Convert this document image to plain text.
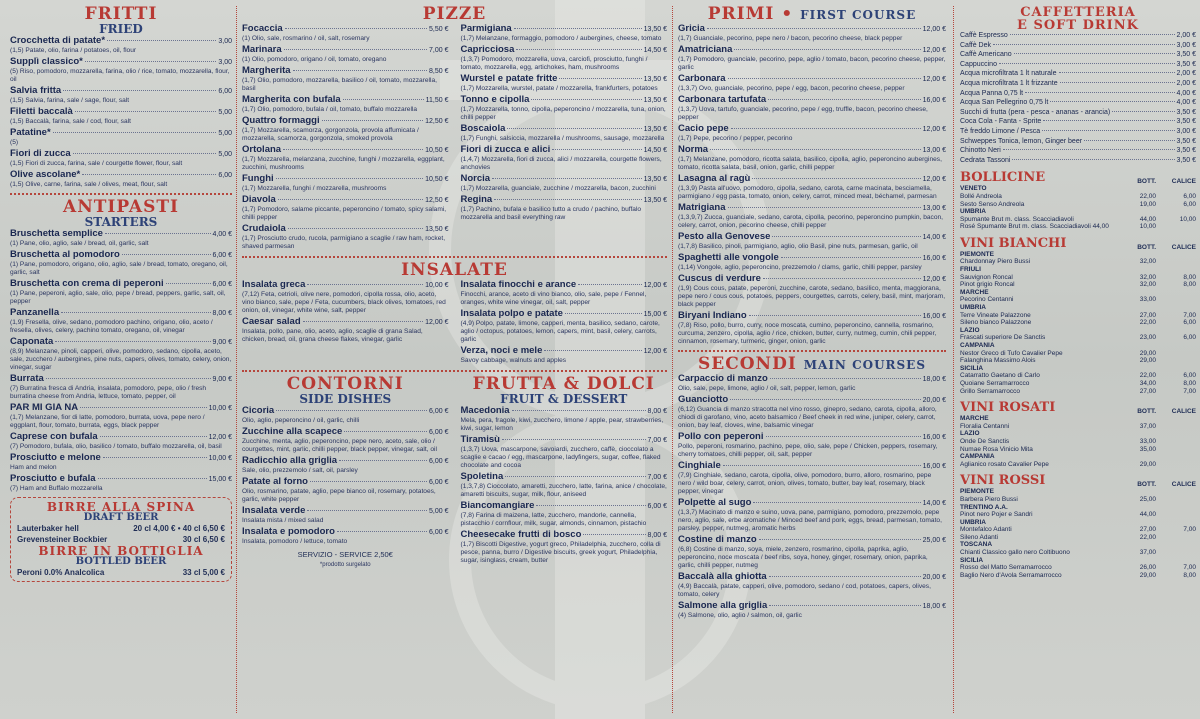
FRITTI
FRIED
Crocchetta di patate*	3,00
(1,5) Patate, olio, farina / potatoes, oil, flour
Supplì classico*	3,00
(5) Riso, pomodoro, mozzarella, farina, olio / rice, tomato, mozzarella, flour, oil
Salvia fritta	6,00
(1,5) Salvia, farina, sale / sage, flour, salt
Filetti baccalà	5,00
(1,5) Baccalà, farina, sale / cod, flour, salt
Patatine*	5,00
(5)
Fiori di zucca	5,00
(1,5) Fiori di zucca, farina, sale / courgette flower, flour, salt
Olive ascolane*	6,00
(1,5) Olive, carne, farina, sale / olives, meat, flour, salt
ANTIPASTI
STARTERS
Bruschetta semplice	4,00 €
(1) Pane, olio, aglio, sale / bread, oil, garlic, salt
Bruschetta al pomodoro	6,00 €
(1) Pane, pomodoro, origano, olio, aglio, sale / bread, tomato, oregano, oil, garlic, salt
Bruschetta con crema di peperoni	6,00 €
(1) Pane, peperoni, aglio, sale, olio, pepe / bread, peppers, garlic, salt, oil, pepper
Panzanella	8,00 €
(1,9) Fresella, olive, sedano, pomodoro pachino, origano, olio, aceto / fresella, olives, celery, pachino tomato, oregano, oil, vinegar
Caponata	9,00 €
(8,9) Melanzane, pinoli, capperi, olive, pomodoro, sedano, cipolla, aceto, sale, zucchero / aubergines, pine nuts, capers, olives, tomato, celery, onion, vinegar, sugar
Burrata	9,00 €
(7) Burratina fresca di Andria, insalata, pomodoro, pepe, olio / fresh burratina cheese from Andria, lettuce, tomato, pepper, oil
PAR MI GIA NA	10,00 €
(1,7) Melanzane, fior di latte, pomodoro, burrata, uova, pepe nero / eggplant, flour, tomato, burrata, eggs, black pepper
Caprese con bufala	12,00 €
(7) Pomodoro, bufala, olio, basilico / tomato, buffalo mozzarella, oil, basil
Prosciutto e melone	10,00 €
Ham and melon
Prosciutto e bufala	15,00 €
(7) Ham and Buffalo mozzarella
BIRRE ALLA SPINA
DRAFT BEER
Lauterbaker hell	20 cl 4,00 € • 40 cl 6,50 €
Grevensteiner Bockbier	30 cl 6,50 €
BIRRE IN BOTTIGLIA
BOTTLED BEER
Peroni 0.0% Analcolica	33 cl 5,00 €
PIZZE
Focaccia	5,50 €
(1) Olio, sale, rosmarino / oil, salt, rosemary
Marinara	7,00 €
(1) Olio, pomodoro, origano / oil, tomato, oregano
Margherita	8,50 €
(1,7) Olio, pomodoro, mozzarella, basilico / oil, tomato, mozzarella, basil
Margherita con bufala	11,50 €
(1,7) Olio, pomodoro, bufala / oil, tomato, buffalo mozzarella
Quattro formaggi	12,50 €
(1,7) Mozzarella, scamorza, gorgonzola, provola affumicata / mozzarella, scamorza, gorgonzola, smoked provola
Ortolana	10,50 €
(1,7) Mozzarella, melanzana, zucchine, funghi / mozzarella, eggplant, zucchini, mushrooms
Funghi	10,50 €
(1,7) Mozzarella, funghi / mozzarella, mushrooms
Diavola	12,50 €
(1,7) Pomodoro, salame piccante, peperoncino / tomato, spicy salami, chilli pepper
Crudaiola	13,50 €
(1,7) Prosciutto crudo, rucola, parmigiano a scaglie / raw ham, rocket, shaved parmesan
Parmigiana	13,50 €
(1,7) Melanzane, formaggio, pomodoro / aubergines, cheese, tomato
Capricciosa	14,50 €
(1,3,7) Pomodoro, mozzarella, uova, carciofi, prosciutto, funghi / tomato, mozzarella, egg, artichokes, ham, mushrooms
Wurstel e patate fritte	13,50 €
(1,7) Mozzarella, wurstel, patate / mozzarella, frankfurters, potatoes
Tonno e cipolla	13,50 €
(1,7) Mozzarella, tonno, cipolla, peperoncino / mozzarella, tuna, onion, chilli pepper
Boscaiola	13,50 €
(1,7) Funghi, salsiccia, mozzarella / mushrooms, sausage, mozzarella
Fiori di zucca e alici	14,50 €
(1,4,7) Mozzarella, fiori di zucca, alici / mozzarella, courgette flowers, anchovies
Norcia	13,50 €
(1,7) Mozzarella, guanciale, zucchine / mozzarella, bacon, zucchini
Regina	13,50 €
(1,7) Pachino, bufala e basilico tutto a crudo / pachino, buffalo mozzarella and basil everything raw
INSALATE
Insalata greca	10,00 €
(7,12) Feta, cetrioli, olive nere, pomodori, cipolla rossa, olio, aceto, vino bianco, sale, pepe / Feta, cucumbers, black olives, tomatoes, red onion, oil, vinegar, white wine, salt, pepper
Caesar salad	12,00 €
Insalata, pollo, pane, olio, aceto, aglio, scaglie di grana Salad, chicken, bread, oil, grana cheese flakes, vinegar, garlic
Insalata finocchi e arance	12,00 €
Finocchi, arance, aceto di vino bianco, olio, sale, pepe / Fennel, oranges, white wine vinegar, oil, salt, pepper
Insalata polpo e patate	15,00 €
(4,9) Polpo, patate, limone, capperi, menta, basilico, sedano, carote, aglio / octopus, potatoes, lemon, capers, mint, basil, celery, carrots, garlic
Verza, noci e mele	12,00 €
Savoy cabbage, walnuts and apples
CONTORNI
SIDE DISHES
Cicoria	6,00 €
Olio, aglio, peperoncino / oil, garlic, chilli
Zucchine alla scapece	6,00 €
Zucchine, menta, aglio, peperoncino, pepe nero, aceto, sale, olio / courgettes, mint, garlic, chilli pepper, black pepper, vinegar, salt, oil
Radicchio alla griglia	6,00 €
Sale, olio, prezzemolo / salt, oil, parsley
Patate al forno	6,00 €
Olio, rosmarino, patate, aglio, pepe bianco oil, rosemary, potatoes, garlic, white pepper
Insalata verde	5,00 €
Insalata mista / mixed salad
Insalata e pomodoro	6,00 €
Insalata, pomodoro / lettuce, tomato
SERVIZIO - SERVICE 2,50€
*prodotto surgelato
FRUTTA & DOLCI
FRUIT & DESSERT
Macedonia	8,00 €
Mela, pera, fragole, kiwi, zucchero, limone / apple, pear, strawberries, kiwi, sugar, lemon
Tiramisù	7,00 €
(1,3,7) Uova, mascarpone, savoiardi, zucchero, caffè, cioccolato a scaglie e cacao / egg, mascarpone, ladyfingers, sugar, coffee, flaked chocolate and cocoa
Spoletina	7,00 €
(1,3,7,8) Cioccolato, amaretti, zucchero, latte, farina, anice / chocolate, amaretti biscuits, sugar, milk, flour, aniseed
Biancomangiare	6,00 €
(7,8) Farina di maizena, latte, zucchero, mandorle, cannella, pistacchio / cornflour, milk, sugar, almonds, cinnamon, pistachio
Cheesecake frutti di bosco	8,00 €
(1,7) Biscotti Digestive, yogurt greco, Philadelphia, zucchero, colla di pesce, panna, burro / Digestive biscuits, greek yogurt, Philadelphia, sugar, isinglass, cream, butter
PRIMI • FIRST COURSE
Gricia	12,00 €
(1,7) Guanciale, pecorino, pepe nero / bacon, pecorino cheese, black pepper
Amatriciana	12,00 €
(1,7) Pomodoro, guanciale, pecorino, pepe, aglio / tomato, bacon, pecorino cheese, pepper, garlic
Carbonara	12,00 €
(1,3,7) Ovo, guanciale, pecorino, pepe / egg, bacon, pecorino cheese, pepper
Carbonara tartufata	16,00 €
(1,3,7) Uova, tartufo, guanciale, pecorino, pepe / egg, truffle, bacon, pecorino cheese, pepper
Cacio pepe	12,00 €
(1,7) Pepe, pecorino / pepper, pecorino
Norma	13,00 €
(1,7) Melanzane, pomodoro, ricotta salata, basilico, cipolla, aglio, peperoncino aubergines, tomato, ricotta salata, basil, onion, garlic, chilli pepper
Lasagna al ragù	12,00 €
(1,3,9) Pasta all'uovo, pomodoro, cipolla, sedano, carota, carne macinata, besciamella, parmigiano / egg pasta, tomato, onion, celery, carrot, minced meat, béchamel, parmesan
Matrigiana	13,00 €
(1,3,9,7) Zucca, guanciale, sedano, carota, cipolla, pecorino, peperoncino pumpkin, bacon, celery, carrot, onion, pecorino cheese, chilli pepper
Pesto alla Genovese	14,00 €
(1,7,8) Basilico, pinoli, parmigiano, aglio, olio Basil, pine nuts, parmesan, garlic, oil
Spaghetti alle vongole	16,00 €
(1,14) Vongole, aglio, peperoncino, prezzemolo / clams, garlic, chilli pepper, parsley
Cuscus di verdure	12,00 €
(1,9) Cous cous, patate, peperoni, zucchine, carote, sedano, basilico, menta, maggiorana, pepe nero / cous cous, potatoes, peppers, courgettes, carrots, celery, basil, mint, marjoram, black pepper
Biryani Indiano	16,00 €
(7,8) Riso, pollo, burro, curry, noce moscata, cumino, peperoncino, cannella, rosmarino, curcuma, zenzero, cipolla, aglio / rice, chicken, butter, curry, nutmeg, cumin, chili pepper, cinnamon, rosemary, turmeric, ginger, onion, garlic
SECONDI MAIN COURSES
Carpaccio di manzo	18,00 €
Olio, sale, pepe, limone, aglio / oil, salt, pepper, lemon, garlic
Guanciotto	20,00 €
(6,12) Guancia di manzo stracotta nel vino rosso, ginepro, sedano, carota, cipolla, alloro, chiodi di garofano, vino, aceto balsamico / Beef cheek in red wine, juniper, celery, carrot, onion, bay leaf, cloves, wine, balsamic vinegar
Pollo con peperoni	16,00 €
Pollo, peperoni, rosmarino, pachino, pepe, olio, sale, pepe / Chicken, peppers, rosemary, cherry tomatoes, chilli pepper, oil, salt, pepper
Cinghiale	16,00 €
(7,9) Cinghiale, sedano, carota, cipolla, olive, pomodoro, burro, alloro, rosmarino, pepe nero / wild boar, celery, carrot, onion, olives, tomato, butter, bay leaf, rosemary, black pepper, vinegar
Polpette al sugo	14,00 €
(1,3,7) Macinato di manzo e suino, uova, pane, parmigiano, pomodoro, prezzemolo, pepe nero, aglio, sale, erbe aromatiche / Minced beef and pork, eggs, bread, parmesan, tomato, parsley, pepper, nutmeg, aromatic herbs
Costine di manzo	25,00 €
(6,8) Costine di manzo, soya, miele, zenzero, rosmarino, cipolla, paprika, aglio, peperoncino, noce moscata / beef ribs, soya, honey, ginger, rosemary, onion, paprika, garlic, chilli pepper, nutmeg
Baccalà alla ghiotta	20,00 €
(4,9) Baccalà, patate, capperi, olive, pomodoro, sedano / cod, potatoes, capers, olives, tomato, celery
Salmone alla griglia	18,00 €
(4) Salmone, olio, aglio / salmon, oil, garlic
CAFFETTERIA
E SOFT DRINK
Caffè Espresso	2,00 €
Caffè Dek	3,00 €
Caffè Americano	3,50 €
Cappuccino	3,50 €
Acqua microfiltrata 1 lt naturale	2,00 €
Acqua microfiltrata 1 lt frizzante	2,00 €
Acqua Panna 0,75 lt	4,00 €
Acqua San Pellegrino 0,75 lt	4,00 €
Succhi di frutta (pera - pesca - ananas - arancia)	3,50 €
Coca Cola - Fanta - Sprite	3,50 €
Tè freddo Limone / Pesca	3,00 €
Schweppes Tonica, lemon, Ginger beer	3,50 €
Chinotto Neri	3,50 €
Cedrata Tassoni	3,50 €
BOLLICINE	BOTT.	CALICE
VENETO
Bollé Andreola	22,00	6,00
Sesto Senso Andreola	19,00	6,00
UMBRIA
Spumante Brut m. class. Scacciadiavoli	44,00	10,00
Rosé Spumante Brut m. class. Scacciadiavoli 44,00	10,00
VINI BIANCHI	BOTT.	CALICE
PIEMONTE
Chardonnay Piero Bussi	32,00
FRIULI
Sauvignon Roncal	32,00	8,00
Pinot grigio Roncal	32,00	8,00
MARCHE
Pecorino Centanni	33,00
UMBRIA
Terre Vineate Palazzone	27,00	7,00
Sileno bianco Palazzone	22,00	6,00
LAZIO
Frascati superiore De Sanctis	23,00	6,00
CAMPANIA
Nestor Greco di Tufo Cavalier Pepe	29,00
Falanghina Massimo Alois	29,00
SICILIA
Catarratto Gaetano di Carlo	22,00	6,00
Quoiane Serramarrocco	34,00	8,00
Grillo Serramarrocco	27,00	7,00
VINI ROSATI	BOTT.	CALICE
MARCHE
Floralia Centanni	37,00
LAZIO
Onde De Sanctis	33,00
Numae Rosa Vinicio Mita	35,00
CAMPANIA
Aglianico rosato Cavalier Pepe	29,00
VINI ROSSI	BOTT.	CALICE
PIEMONTE
Barbera Piero Bussi	25,00
TRENTINO A.A.
Pinot nero Pojer e Sandri	44,00
UMBRIA
Montefalco Adanti	27,00	7,00
Sileno Adanti	22,00
TOSCANA
Chianti Classico gallo nero Coltibuono	37,00
SICILIA
Rosso del Matto Serramarrocco	26,00	7,00
Baglio Nero d'Avola Serramarrocco	29,00	8,00
